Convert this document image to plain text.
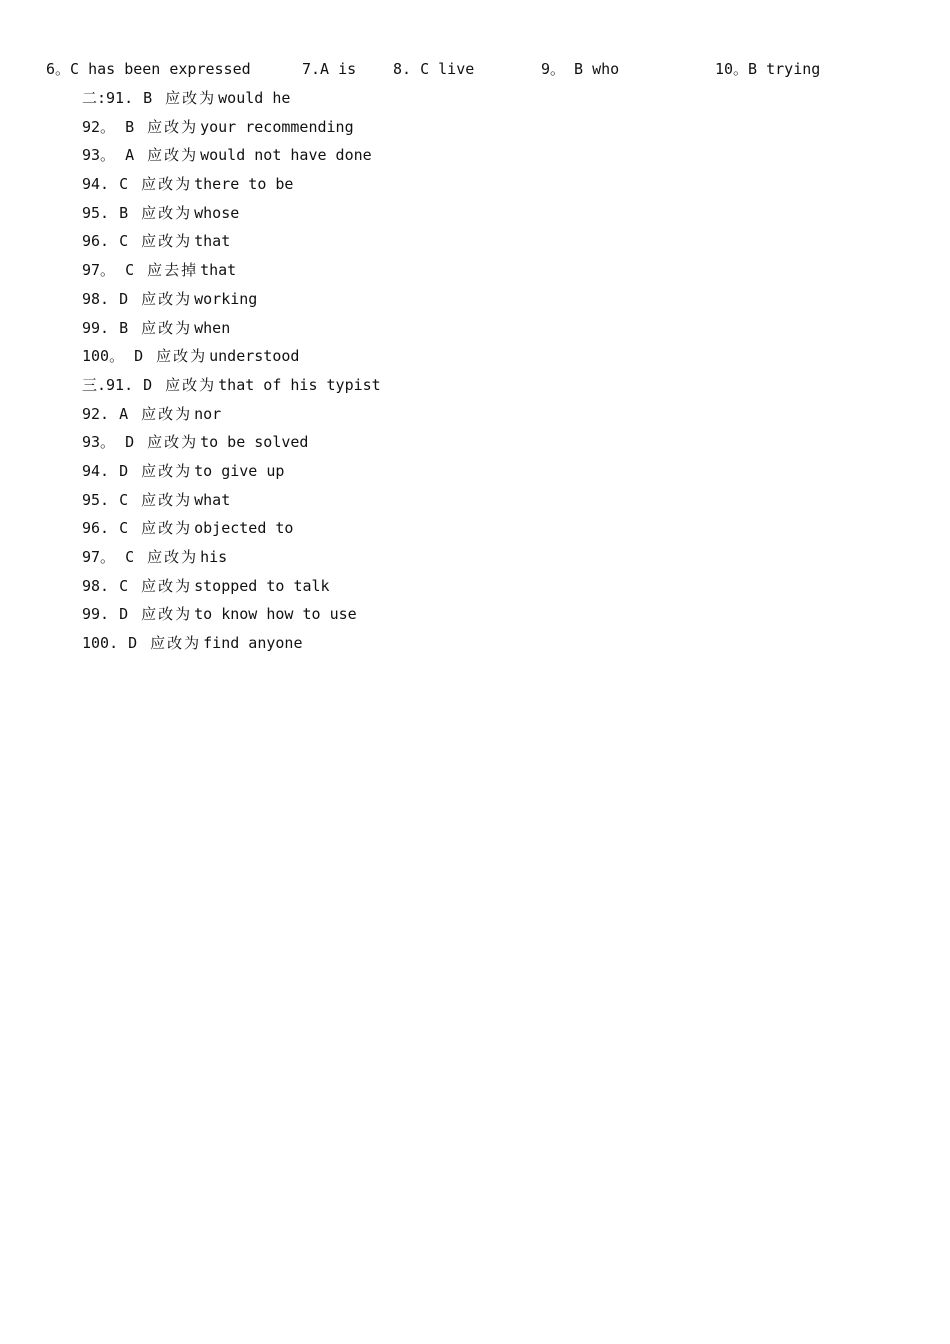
6。C has been expressed	7.A is 8. C live	9。 B who	10。B trying
二:91. B 应改为 would he
92。 B 应改为 your recommending
93。 A 应改为 would not have done
94. C 应改为 there to be
95. B 应改为 whose
96. C 应改为 that
97。 C 应去掉 that
98. D 应改为 working
99. B 应改为 when
100。 D 应改为 understood
三.91. D 应改为 that of his typist
92. A 应改为 nor
93。 D 应改为 to be solved
94. D 应改为 to give up
95. C 应改为 what
96. C 应改为 objected to
97。 C 应改为 his
98. C 应改为 stopped to talk
99. D 应改为 to know how to use
100. D 应改为 find anyone
